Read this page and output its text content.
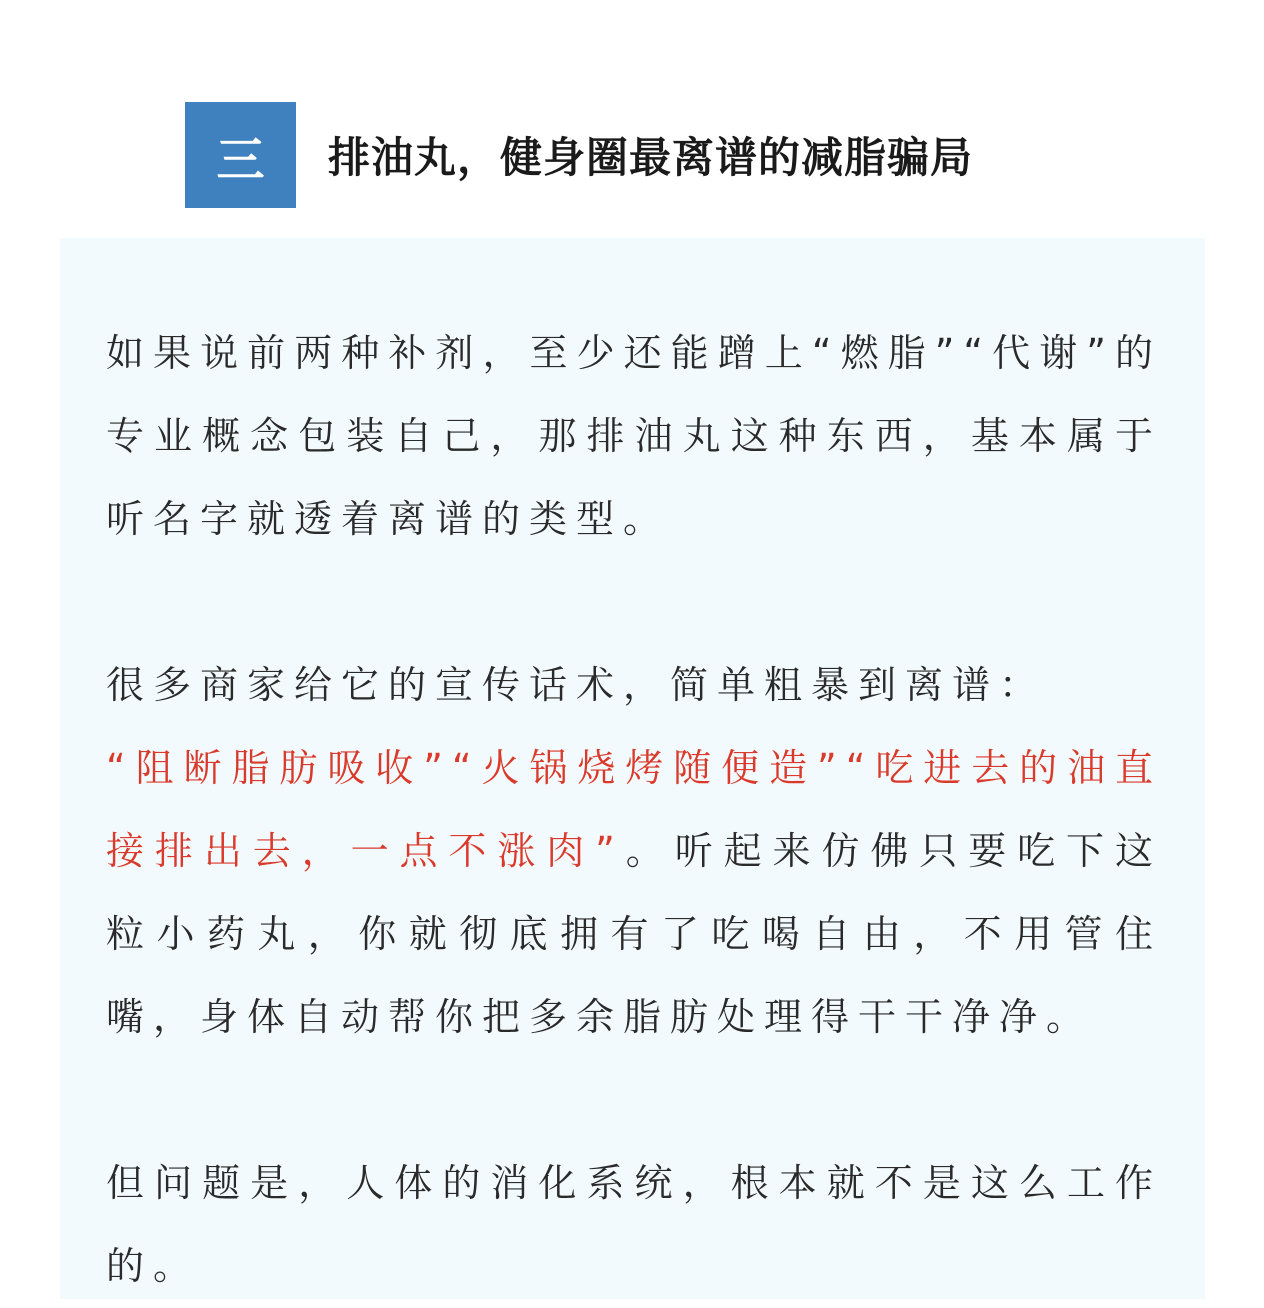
三	排油丸，健身圈最离谱的减脂骗局

如果说前两种补剂，至少还能蹭上“燃脂”“代谢”的专业概念包装自己，那排油丸这种东西，基本属于听名字就透着离谱的类型。

很多商家给它的宣传话术，简单粗暴到离谱：
“阻断脂肪吸收”“火锅烧烤随便造”“吃进去的油直接排出去，一点不涨肉”。听起来仿佛只要吃下这粒小药丸，你就彻底拥有了吃喝自由，不用管住嘴，身体自动帮你把多余脂肪处理得干干净净。

但问题是，人体的消化系统，根本就不是这么工作的。
